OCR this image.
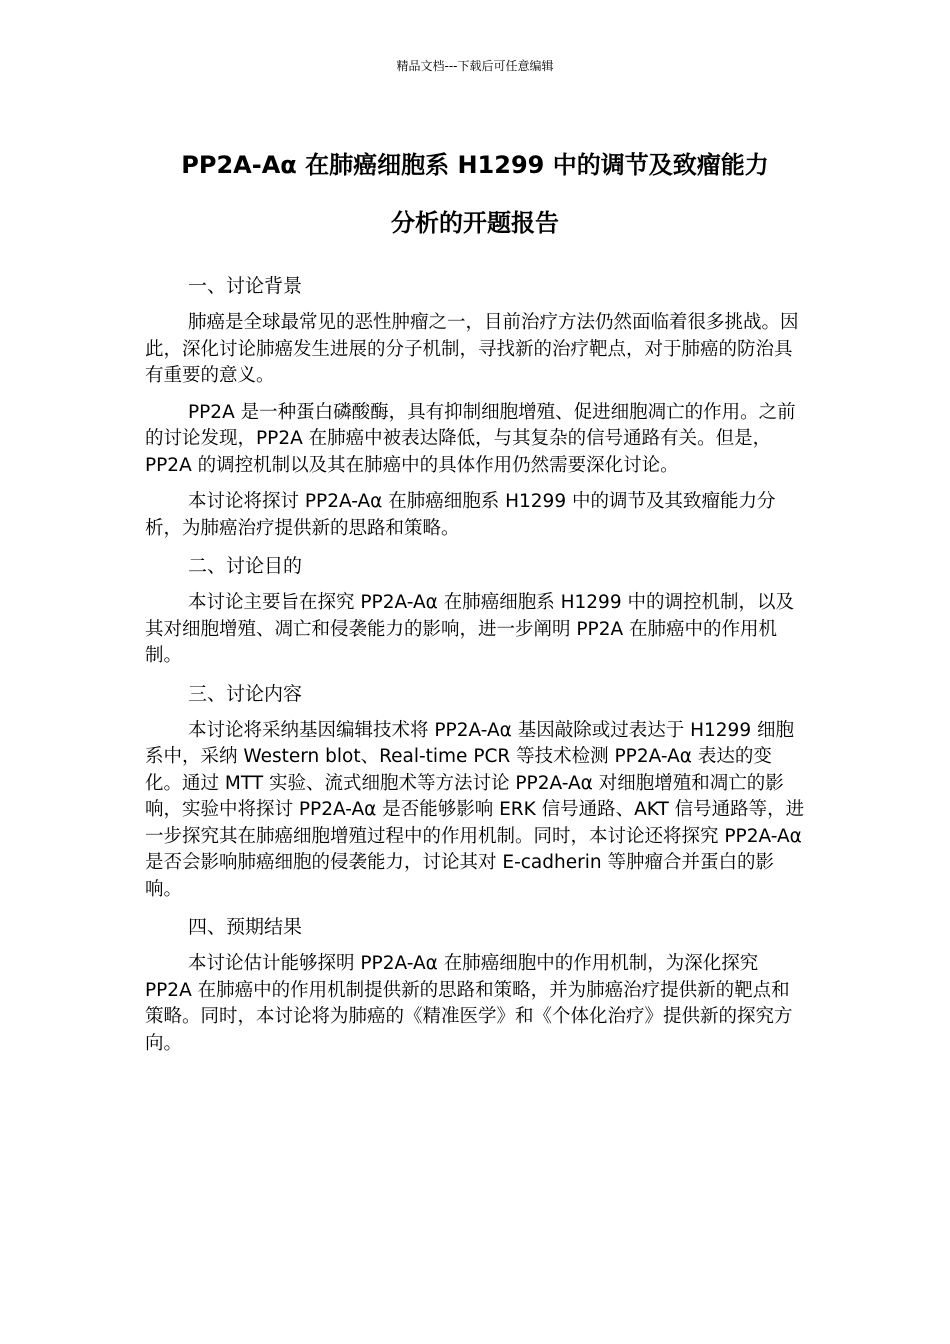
精品文档---下载后可任意编辑
PP2A-Aα 在肺癌细胞系 H1299 中的调节及致瘤能力
分析的开题报告
一、讨论背景

肺癌是全球最常见的恶性肿瘤之一，目前治疗方法仍然面临着很多挑战。因此，深化讨论肺癌发生进展的分子机制，寻找新的治疗靶点，对于肺癌的防治具有重要的意义。

PP2A 是一种蛋白磷酸酶，具有抑制细胞增殖、促进细胞凋亡的作用。之前的讨论发现，PP2A 在肺癌中被表达降低，与其复杂的信号通路有关。但是，PP2A 的调控机制以及其在肺癌中的具体作用仍然需要深化讨论。

本讨论将探讨 PP2A-Aα 在肺癌细胞系 H1299 中的调节及其致瘤能力分析，为肺癌治疗提供新的思路和策略。

二、讨论目的

本讨论主要旨在探究 PP2A-Aα 在肺癌细胞系 H1299 中的调控机制，以及其对细胞增殖、凋亡和侵袭能力的影响，进一步阐明 PP2A 在肺癌中的作用机制。

三、讨论内容

本讨论将采纳基因编辑技术将 PP2A-Aα 基因敲除或过表达于 H1299 细胞系中，采纳 Western blot、Real-time PCR 等技术检测 PP2A-Aα 表达的变化。通过 MTT 实验、流式细胞术等方法讨论 PP2A-Aα 对细胞增殖和凋亡的影响，实验中将探讨 PP2A-Aα 是否能够影响 ERK 信号通路、AKT 信号通路等，进一步探究其在肺癌细胞增殖过程中的作用机制。同时，本讨论还将探究 PP2A-Aα 是否会影响肺癌细胞的侵袭能力，讨论其对 E-cadherin 等肿瘤合并蛋白的影响。

四、预期结果

本讨论估计能够探明 PP2A-Aα 在肺癌细胞中的作用机制，为深化探究 PP2A 在肺癌中的作用机制提供新的思路和策略，并为肺癌治疗提供新的靶点和策略。同时，本讨论将为肺癌的《精准医学》和《个体化治疗》提供新的探究方向。
